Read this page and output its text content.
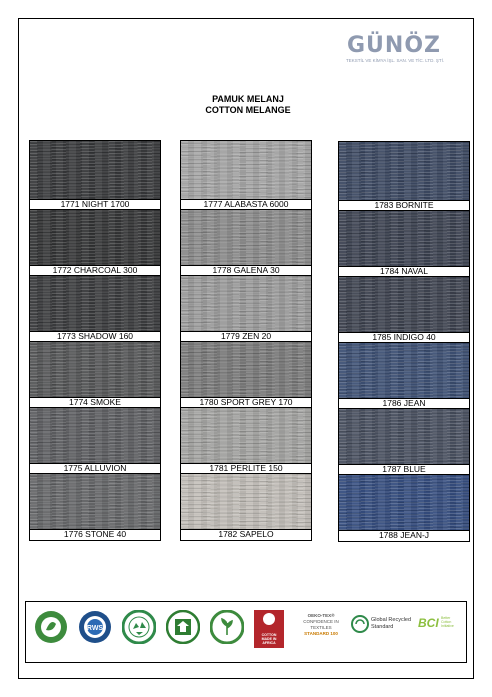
GÜNÖZ
TEKSTİL VE KİMYA İŞL. SAN. VE TİC. LTD. ŞTİ.
PAMUK MELANJ
COTTON MELANGE
1771 NIGHT 1700
1772 CHARCOAL 300
1773 SHADOW 160
1774 SMOKE
1775 ALLUVION
1776 STONE 40
1777 ALABASTA 6000
1778 GALENA 30
1779 ZEN 20
1780 SPORT GREY 170
1781 PERLITE 150
1782 SAPELO
1783 BORNITE
1784 NAVAL
1785 INDIGO 40
1786 JEAN
1787 BLUE
1788 JEAN-J
RWS
COTTON
MADE IN
AFRICA
OEKO-TEX®
CONFIDENCE IN TEXTILES
STANDARD 100
Global Recycled
Standard	BCI Better
Cotton
Initiative
